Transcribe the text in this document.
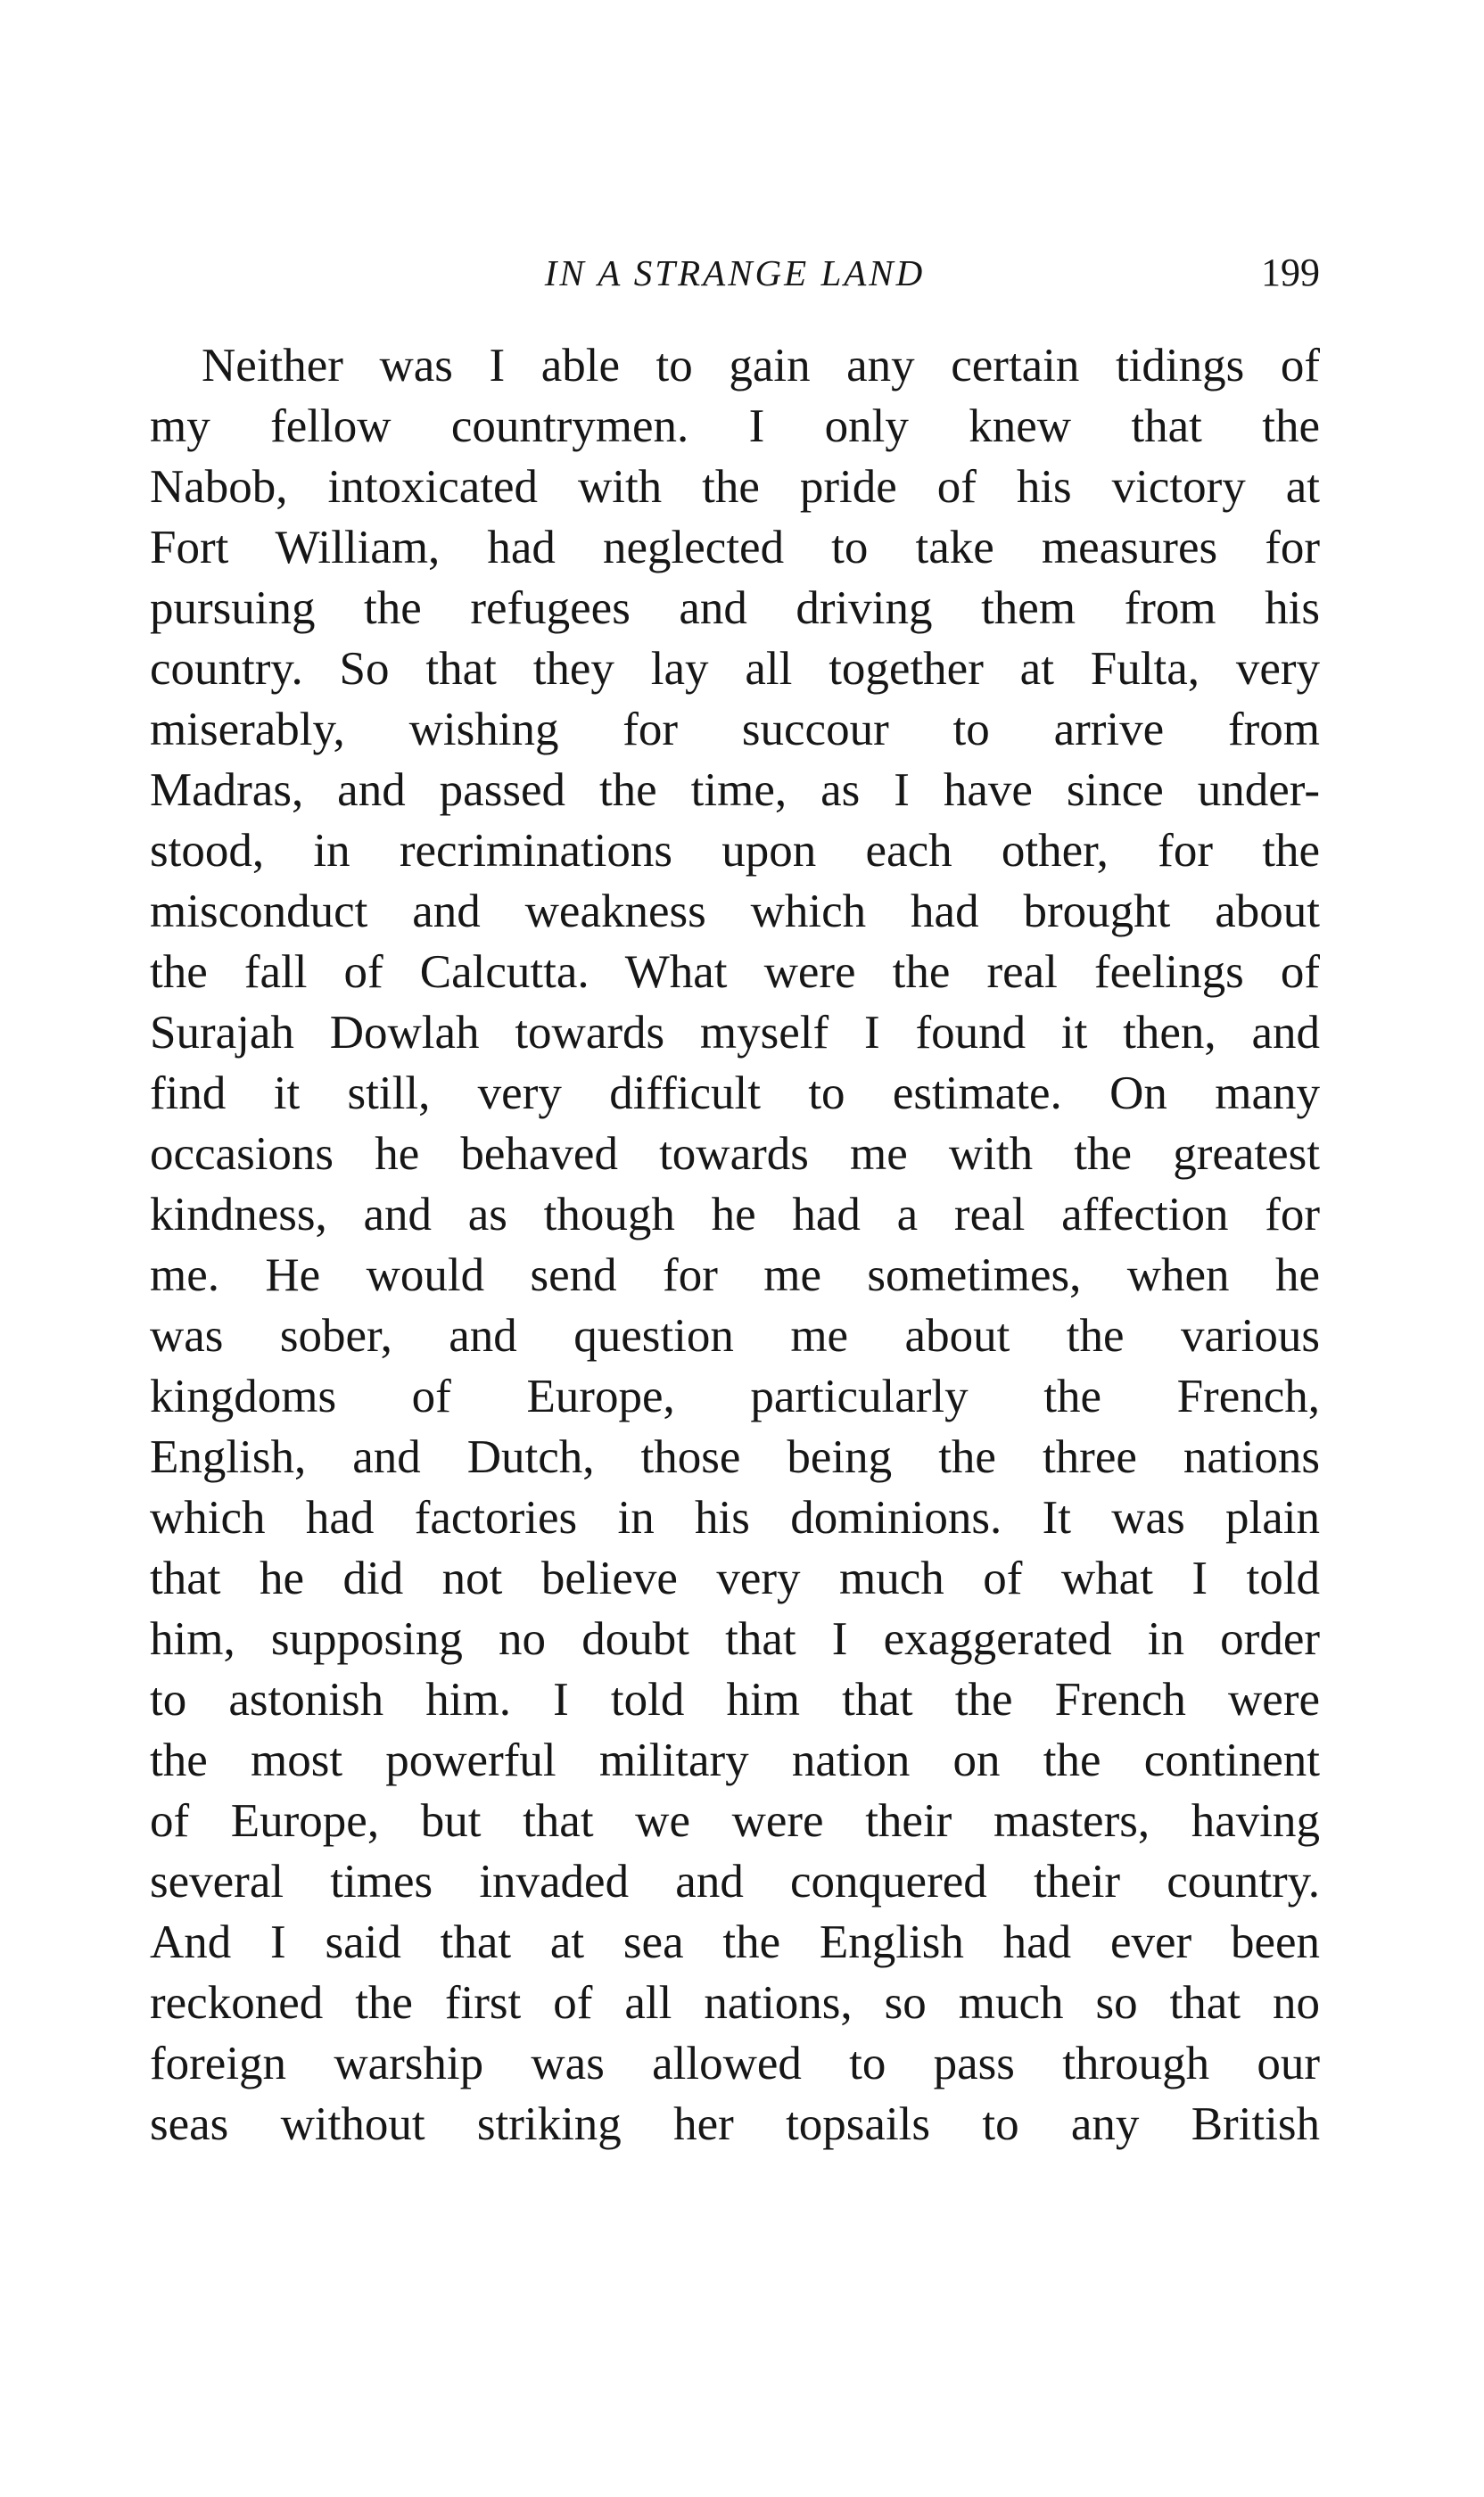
IN A STRANGE LAND	199
Neither was I able to gain any certain tidings of
my fellow countrymen. I only knew that the
Nabob, intoxicated with the pride of his victory at
Fort William, had neglected to take measures for
pursuing the refugees and driving them from his
country. So that they lay all together at Fulta, very
miserably, wishing for succour to arrive from
Madras, and passed the time, as I have since under-
stood, in recriminations upon each other, for the
misconduct and weakness which had brought about
the fall of Calcutta. What were the real feelings of
Surajah Dowlah towards myself I found it then, and
find it still, very difficult to estimate. On many
occasions he behaved towards me with the greatest
kindness, and as though he had a real affection for
me. He would send for me sometimes, when he
was sober, and question me about the various
kingdoms of Europe, particularly the French,
English, and Dutch, those being the three nations
which had factories in his dominions. It was plain
that he did not believe very much of what I told
him, supposing no doubt that I exaggerated in order
to astonish him. I told him that the French were
the most powerful military nation on the continent
of Europe, but that we were their masters, having
several times invaded and conquered their country.
And I said that at sea the English had ever been
reckoned the first of all nations, so much so that no
foreign warship was allowed to pass through our
seas without striking her topsails to any British
